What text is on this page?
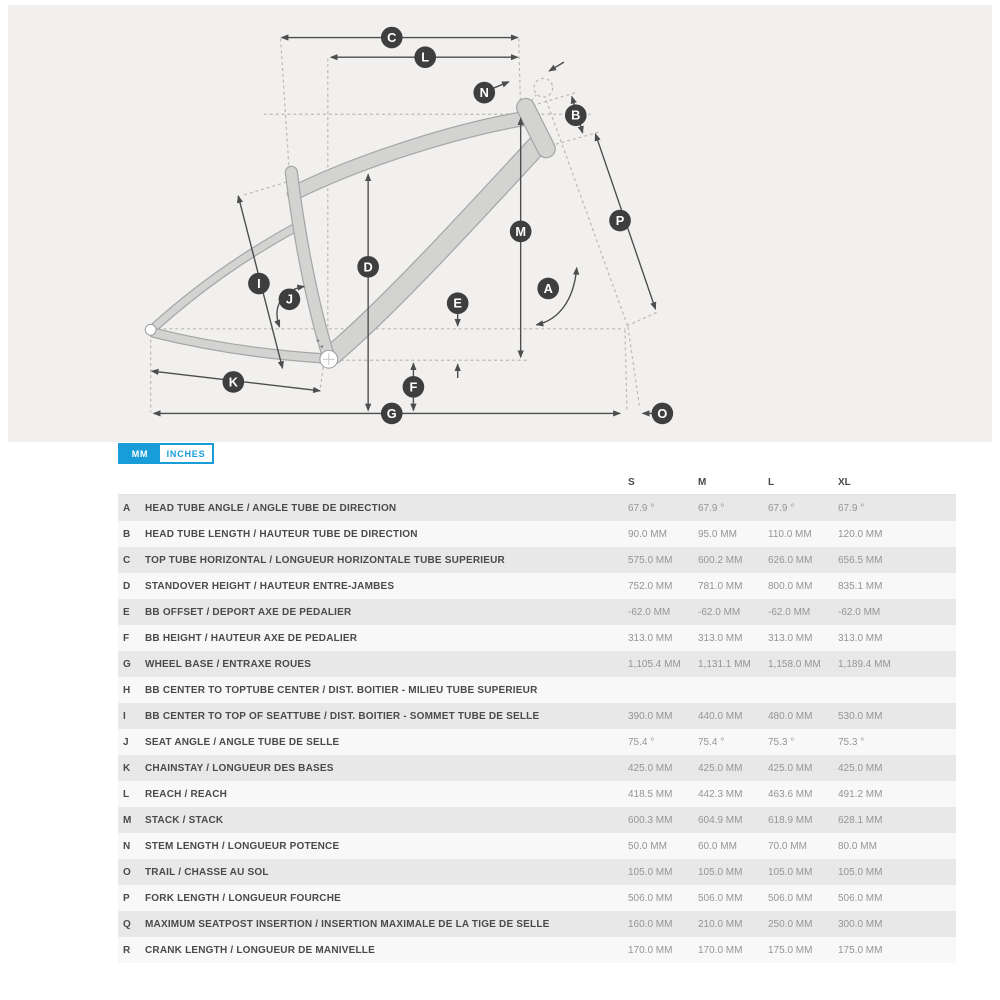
C
L
N
B
P
M
D
I	A
J	E
K	F
G	O
MM	INCHES
S	M	L	XL
A	HEAD TUBE ANGLE / ANGLE TUBE DE DIRECTION	67.9 °	67.9 °	67.9 °	67.9 °
B	HEAD TUBE LENGTH / HAUTEUR TUBE DE DIRECTION	90.0 MM	95.0 MM	110.0 MM	120.0 MM
C	TOP TUBE HORIZONTAL / LONGUEUR HORIZONTALE TUBE SUPÉRIEUR	575.0 MM	600.2 MM	626.0 MM	656.5 MM
D	STANDOVER HEIGHT / HAUTEUR ENTRE-JAMBES	752.0 MM	781.0 MM	800.0 MM	835.1 MM
E	BB OFFSET / DEPORT AXE DE PÉDALIER	-62.0 MM	-62.0 MM	-62.0 MM	-62.0 MM
F	BB HEIGHT / HAUTEUR AXE DE PÉDALIER	313.0 MM	313.0 MM	313.0 MM	313.0 MM
G	WHEEL BASE / ENTRAXE ROUES	1,105.4 MM	1,131.1 MM	1,158.0 MM	1,189.4 MM
H	BB CENTER TO TOPTUBE CENTER / DIST. BOITIER - MILIEU TUBE SUPÉRIEUR
I	BB CENTER TO TOP OF SEATTUBE / DIST. BOITIER - SOMMET TUBE DE SELLE	390.0 MM	440.0 MM	480.0 MM	530.0 MM
J	SEAT ANGLE / ANGLE TUBE DE SELLE	75.4 °	75.4 °	75.3 °	75.3 °
K	CHAINSTAY / LONGUEUR DES BASES	425.0 MM	425.0 MM	425.0 MM	425.0 MM
L	REACH / REACH	418.5 MM	442.3 MM	463.6 MM	491.2 MM
M	STACK / STACK	600.3 MM	604.9 MM	618.9 MM	628.1 MM
N	STEM LENGTH / LONGUEUR POTENCE	50.0 MM	60.0 MM	70.0 MM	80.0 MM
O	TRAIL / CHASSE AU SOL	105.0 MM	105.0 MM	105.0 MM	105.0 MM
P	FORK LENGTH / LONGUEUR FOURCHE	506.0 MM	506.0 MM	506.0 MM	506.0 MM
Q	MAXIMUM SEATPOST INSERTION / INSERTION MAXIMALE DE LA TIGE DE SELLE	160.0 MM	210.0 MM	250.0 MM	300.0 MM
R	CRANK LENGTH / LONGUEUR DE MANIVELLE	170.0 MM	170.0 MM	175.0 MM	175.0 MM
